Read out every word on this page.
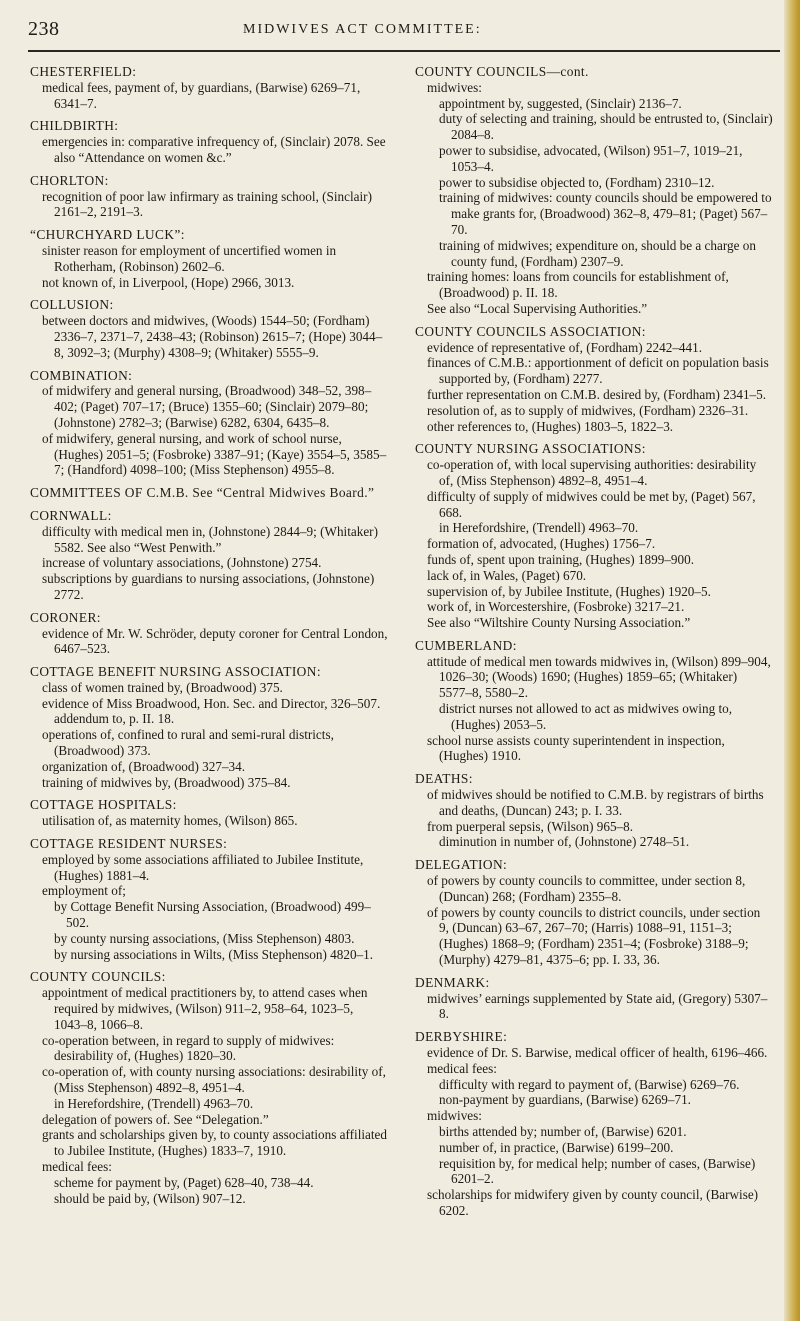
238	MIDWIVES ACT COMMITTEE:
CHESTERFIELD:
medical fees, payment of, by guardians, (Barwise) 6269–71, 6341–7.
CHILDBIRTH:
emergencies in: comparative infrequency of, (Sinclair) 2078. See also “Attendance on women &c.”
CHORLTON:
recognition of poor law infirmary as training school, (Sinclair) 2161–2, 2191–3.
“CHURCHYARD LUCK”:
sinister reason for employment of uncertified women in Rotherham, (Robinson) 2602–6.
not known of, in Liverpool, (Hope) 2966, 3013.
COLLUSION:
between doctors and midwives, (Woods) 1544–50; (Fordham) 2336–7, 2371–7, 2438–43; (Robinson) 2615–7; (Hope) 3044–8, 3092–3; (Murphy) 4308–9; (Whitaker) 5555–9.
COMBINATION:
of midwifery and general nursing, (Broadwood) 348–52, 398–402; (Paget) 707–17; (Bruce) 1355–60; (Sinclair) 2079–80; (Johnstone) 2782–3; (Barwise) 6282, 6304, 6435–8.
of midwifery, general nursing, and work of school nurse, (Hughes) 2051–5; (Fosbroke) 3387–91; (Kaye) 3554–5, 3585–7; (Handford) 4098–100; (Miss Stephenson) 4955–8.
COMMITTEES OF C.M.B. See “Central Midwives Board.”
CORNWALL:
difficulty with medical men in, (Johnstone) 2844–9; (Whitaker) 5582. See also “West Penwith.”
increase of voluntary associations, (Johnstone) 2754.
subscriptions by guardians to nursing associations, (Johnstone) 2772.
CORONER:
evidence of Mr. W. Schröder, deputy coroner for Central London, 6467–523.
COTTAGE BENEFIT NURSING ASSOCIATION:
class of women trained by, (Broadwood) 375.
evidence of Miss Broadwood, Hon. Sec. and Director, 326–507.
addendum to, p. II. 18.
operations of, confined to rural and semi-rural districts, (Broadwood) 373.
organization of, (Broadwood) 327–34.
training of midwives by, (Broadwood) 375–84.
COTTAGE HOSPITALS:
utilisation of, as maternity homes, (Wilson) 865.
COTTAGE RESIDENT NURSES:
employed by some associations affiliated to Jubilee Institute, (Hughes) 1881–4.
employment of;
by Cottage Benefit Nursing Association, (Broadwood) 499–502.
by county nursing associations, (Miss Stephenson) 4803.
by nursing associations in Wilts, (Miss Stephenson) 4820–1.
COUNTY COUNCILS:
appointment of medical practitioners by, to attend cases when required by midwives, (Wilson) 911–2, 958–64, 1023–5, 1043–8, 1066–8.
co-operation between, in regard to supply of midwives: desirability of, (Hughes) 1820–30.
co-operation of, with county nursing associations: desirability of, (Miss Stephenson) 4892–8, 4951–4.
in Herefordshire, (Trendell) 4963–70.
delegation of powers of. See “Delegation.”
grants and scholarships given by, to county associations affiliated to Jubilee Institute, (Hughes) 1833–7, 1910.
medical fees:
scheme for payment by, (Paget) 628–40, 738–44.
should be paid by, (Wilson) 907–12.
COUNTY COUNCILS—cont.
midwives:
appointment by, suggested, (Sinclair) 2136–7.
duty of selecting and training, should be entrusted to, (Sinclair) 2084–8.
power to subsidise, advocated, (Wilson) 951–7, 1019–21, 1053–4.
power to subsidise objected to, (Fordham) 2310–12.
training of midwives: county councils should be empowered to make grants for, (Broadwood) 362–8, 479–81; (Paget) 567–70.
training of midwives; expenditure on, should be a charge on county fund, (Fordham) 2307–9.
training homes: loans from councils for establishment of, (Broadwood) p. II. 18.
See also “Local Supervising Authorities.”
COUNTY COUNCILS ASSOCIATION:
evidence of representative of, (Fordham) 2242–441.
finances of C.M.B.: apportionment of deficit on population basis supported by, (Fordham) 2277.
further representation on C.M.B. desired by, (Fordham) 2341–5.
resolution of, as to supply of midwives, (Fordham) 2326–31.
other references to, (Hughes) 1803–5, 1822–3.
COUNTY NURSING ASSOCIATIONS:
co-operation of, with local supervising authorities: desirability of, (Miss Stephenson) 4892–8, 4951–4.
difficulty of supply of midwives could be met by, (Paget) 567, 668.
in Herefordshire, (Trendell) 4963–70.
formation of, advocated, (Hughes) 1756–7.
funds of, spent upon training, (Hughes) 1899–900.
lack of, in Wales, (Paget) 670.
supervision of, by Jubilee Institute, (Hughes) 1920–5.
work of, in Worcestershire, (Fosbroke) 3217–21.
See also “Wiltshire County Nursing Association.”
CUMBERLAND:
attitude of medical men towards midwives in, (Wilson) 899–904, 1026–30; (Woods) 1690; (Hughes) 1859–65; (Whitaker) 5577–8, 5580–2.
district nurses not allowed to act as midwives owing to, (Hughes) 2053–5.
school nurse assists county superintendent in inspection, (Hughes) 1910.
DEATHS:
of midwives should be notified to C.M.B. by registrars of births and deaths, (Duncan) 243; p. I. 33.
from puerperal sepsis, (Wilson) 965–8.
diminution in number of, (Johnstone) 2748–51.
DELEGATION:
of powers by county councils to committee, under section 8, (Duncan) 268; (Fordham) 2355–8.
of powers by county councils to district councils, under section 9, (Duncan) 63–67, 267–70; (Harris) 1088–91, 1151–3; (Hughes) 1868–9; (Fordham) 2351–4; (Fosbroke) 3188–9; (Murphy) 4279–81, 4375–6; pp. I. 33, 36.
DENMARK:
midwives’ earnings supplemented by State aid, (Gregory) 5307–8.
DERBYSHIRE:
evidence of Dr. S. Barwise, medical officer of health, 6196–466.
medical fees:
difficulty with regard to payment of, (Barwise) 6269–76.
non-payment by guardians, (Barwise) 6269–71.
midwives:
births attended by; number of, (Barwise) 6201.
number of, in practice, (Barwise) 6199–200.
requisition by, for medical help; number of cases, (Barwise) 6201–2.
scholarships for midwifery given by county council, (Barwise) 6202.
